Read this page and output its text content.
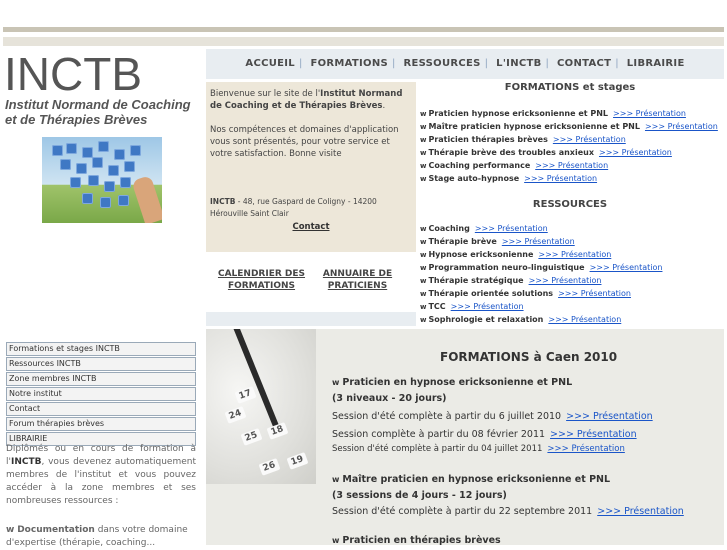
INCTB
Institut Normand de Coaching et de Thérapies Brèves
ACCUEIL | FORMATIONS | RESSOURCES | L'INCTB | CONTACT | LIBRAIRIE
Bienvenue sur le site de l'Institut Normand de Coaching et de Thérapies Brèves.

Nos compétences et domaines d'application vous sont présentés, pour votre service et votre satisfaction. Bonne visite
INCTB - 48, rue Gaspard de Coligny - 14200 Hérouville Saint Clair
Contact
CALENDRIER DES FORMATIONS
ANNUAIRE DE PRATICIENS
Formations et stages INCTB
Ressources INCTB
Zone membres INCTB
Notre institut
Contact
Forum thérapies brèves
LIBRAIRIE
Diplômés ou en cours de formation à l'INCTB, vous devenez automatiquement membres de l'institut et vous pouvez accéder à la zone membres et ses nombreuses ressources :
w Documentation dans votre domaine d'expertise (thérapie, coaching...
FORMATIONS et stages
w Praticien hypnose ericksonienne et PNL >>> Présentation
w Maître praticien hypnose ericksonienne et PNL >>> Présentation
w Praticien thérapies brèves >>> Présentation
w Thérapie brève des troubles anxieux >>> Présentation
w Coaching performance >>> Présentation
w Stage auto-hypnose >>> Présentation
RESSOURCES
w Coaching >>> Présentation
w Thérapie brève >>> Présentation
w Hypnose ericksonienne >>> Présentation
w Programmation neuro-linguistique >>> Présentation
w Thérapie stratégique >>> Présentation
w Thérapie orientée solutions >>> Présentation
w TCC >>> Présentation
w Sophrologie et relaxation >>> Présentation
17
24
25	18
26	19
FORMATIONS à Caen 2010
w Praticien en hypnose ericksonienne et PNL
(3 niveaux - 20 jours)
Session d'été complète à partir du 6 juillet 2010 >>> Présentation
Session complète à partir du 08 février 2011 >>> Présentation
Session d'été complète à partir du 04 juillet 2011 >>> Présentation
w Maître praticien en hypnose ericksonienne et PNL
(3 sessions de 4 jours - 12 jours)
Session d'été complète à partir du 22 septembre 2011 >>> Présentation
w Praticien en thérapies brèves
